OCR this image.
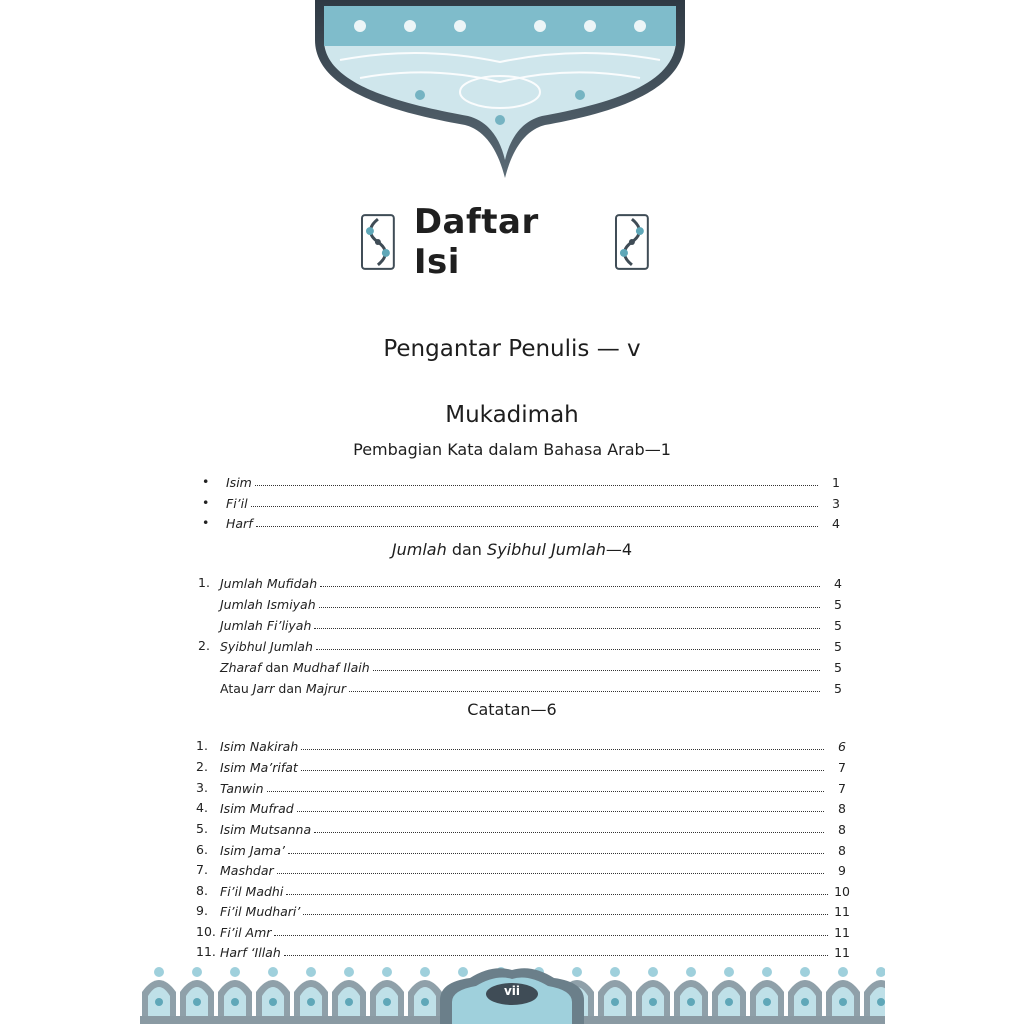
Daftar Isi
Pengantar Penulis — v
Mukadimah
Pembagian Kata dalam Bahasa Arab—1
• Isim	1
• Fi’il	3
• Harf	4
Jumlah dan Syibhul Jumlah—4
1. Jumlah Mufidah	4
Jumlah Ismiyah	5
Jumlah Fi’liyah	5
2. Syibhul Jumlah	5
Zharaf dan Mudhaf Ilaih	5
Atau Jarr dan Majrur	5
Catatan—6
1. Isim Nakirah	6
2. Isim Ma’rifat	7
3. Tanwin	7
4. Isim Mufrad	8
5. Isim Mutsanna	8
6. Isim Jama’	8
7. Mashdar	9
8. Fi’il Madhi	10
9. Fi’il Mudhari’	11
10. Fi’il Amr	11
11. Harf ‘Illah	11
vii
